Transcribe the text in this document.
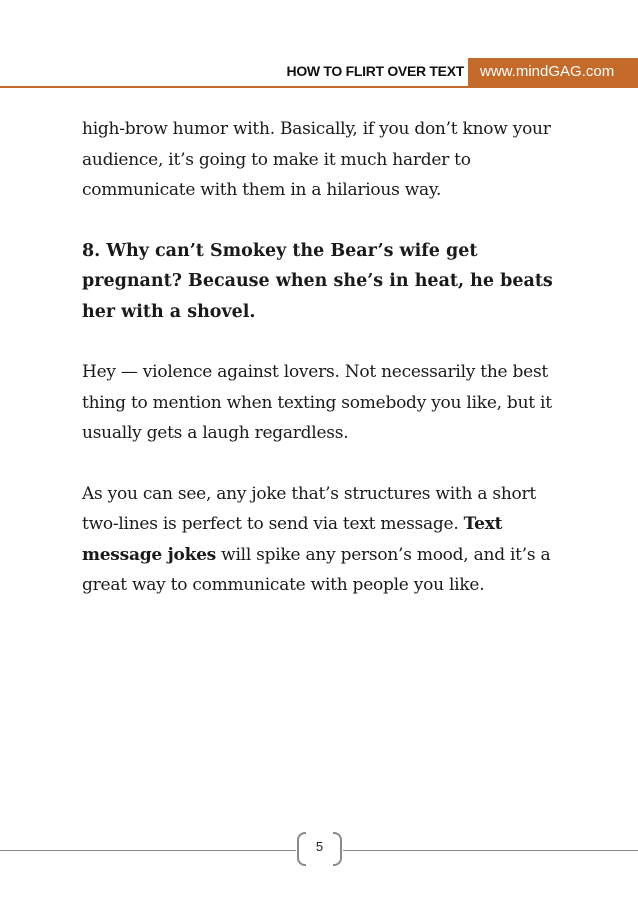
HOW TO FLIRT OVER TEXT	www.mindGAG.com

high-brow humor with. Basically, if you don’t know your audience, it’s going to make it much harder to communicate with them in a hilarious way.

8. Why can’t Smokey the Bear’s wife get pregnant? Because when she’s in heat, he beats her with a shovel.

Hey — violence against lovers. Not necessarily the best thing to mention when texting somebody you like, but it usually gets a laugh regardless.

As you can see, any joke that’s structures with a short two-lines is perfect to send via text message. Text message jokes will spike any person’s mood, and it’s a great way to communicate with people you like.

5
